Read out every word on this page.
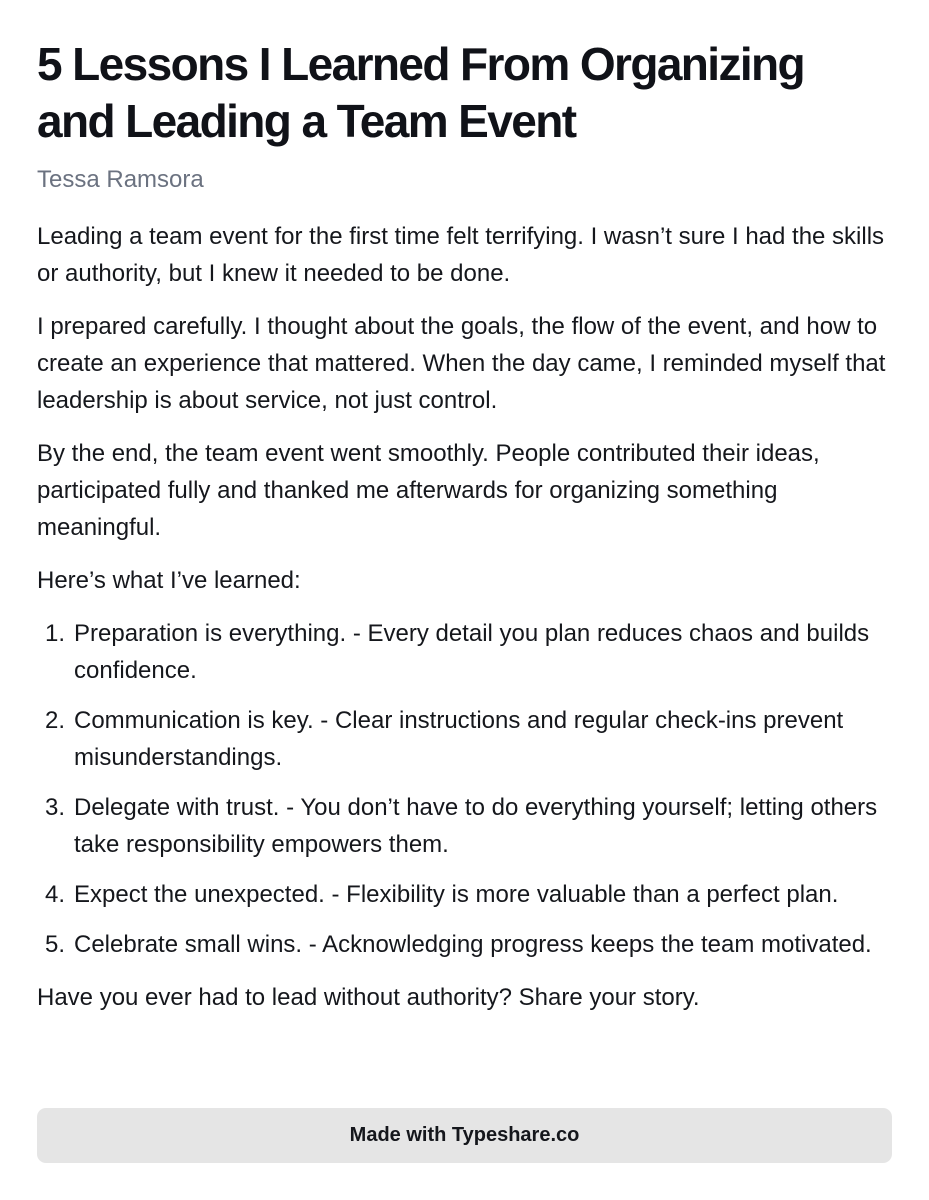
5 Lessons I Learned From Organizing and Leading a Team Event
Tessa Ramsora

Leading a team event for the first time felt terrifying. I wasn’t sure I had the skills or authority, but I knew it needed to be done.

I prepared carefully. I thought about the goals, the flow of the event, and how to create an experience that mattered. When the day came, I reminded myself that leadership is about service, not just control.

By the end, the team event went smoothly. People contributed their ideas, participated fully and thanked me afterwards for organizing something meaningful.

Here’s what I’ve learned:

1. Preparation is everything. - Every detail you plan reduces chaos and builds confidence.
2. Communication is key. - Clear instructions and regular check-ins prevent misunderstandings.
3. Delegate with trust. - You don’t have to do everything yourself; letting others take responsibility empowers them.
4. Expect the unexpected. - Flexibility is more valuable than a perfect plan.
5. Celebrate small wins. - Acknowledging progress keeps the team motivated.

Have you ever had to lead without authority? Share your story.

Made with Typeshare.co
